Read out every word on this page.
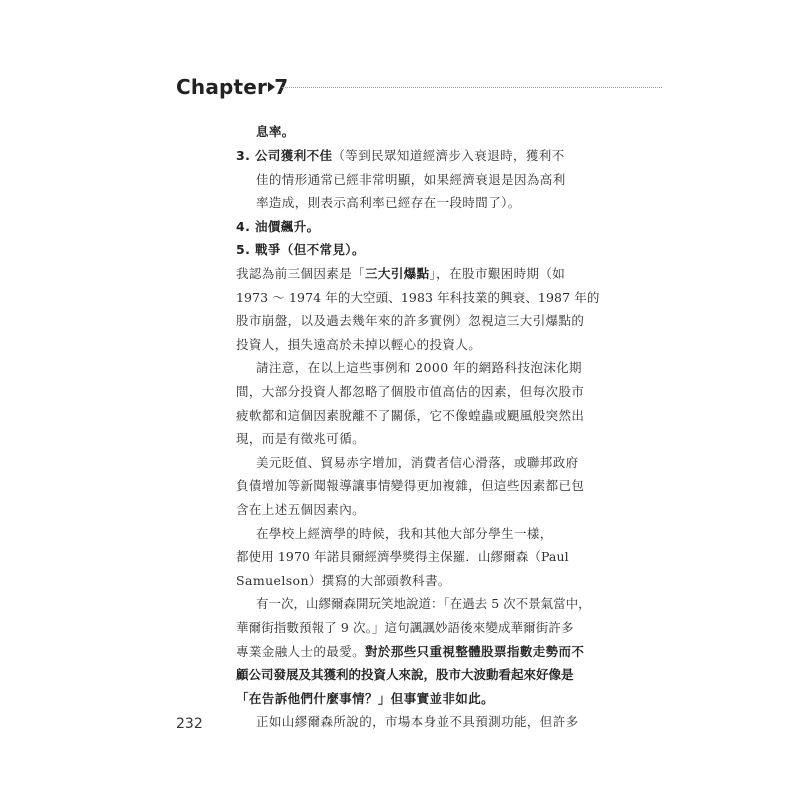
Chapter 7
息率。
3. 公司獲利不佳（等到民眾知道經濟步入衰退時，獲利不
佳的情形通常已經非常明顯，如果經濟衰退是因為高利
率造成，則表示高利率已經存在一段時間了）。
4. 油價飆升。
5. 戰爭（但不常見）。
我認為前三個因素是「三大引爆點」，在股市艱困時期（如
1973 ～ 1974 年的大空頭、1983 年科技業的興衰、1987 年的
股市崩盤，以及過去幾年來的許多實例）忽視這三大引爆點的
投資人，損失遠高於未掉以輕心的投資人。
請注意，在以上這些事例和 2000 年的網路科技泡沫化期
間，大部分投資人都忽略了個股市值高估的因素，但每次股市
疲軟都和這個因素脫離不了關係，它不像蝗蟲或颶風般突然出
現，而是有徵兆可循。
美元貶值、貿易赤字增加，消費者信心滑落，或聯邦政府
負債增加等新聞報導讓事情變得更加複雜，但這些因素都已包
含在上述五個因素內。
在學校上經濟學的時候，我和其他大部分學生一樣，
都使用 1970 年諾貝爾經濟學獎得主保羅．山繆爾森（Paul
Samuelson）撰寫的大部頭教科書。
有一次，山繆爾森開玩笑地說道：「在過去 5 次不景氣當中，
華爾街指數預報了 9 次。」這句諷諷妙語後來變成華爾街許多
專業金融人士的最愛。對於那些只重視整體股票指數走勢而不
顧公司發展及其獲利的投資人來說，股市大波動看起來好像是
「在告訴他們什麼事情？」但事實並非如此。
正如山繆爾森所說的，市場本身並不具預測功能，但許多
232
